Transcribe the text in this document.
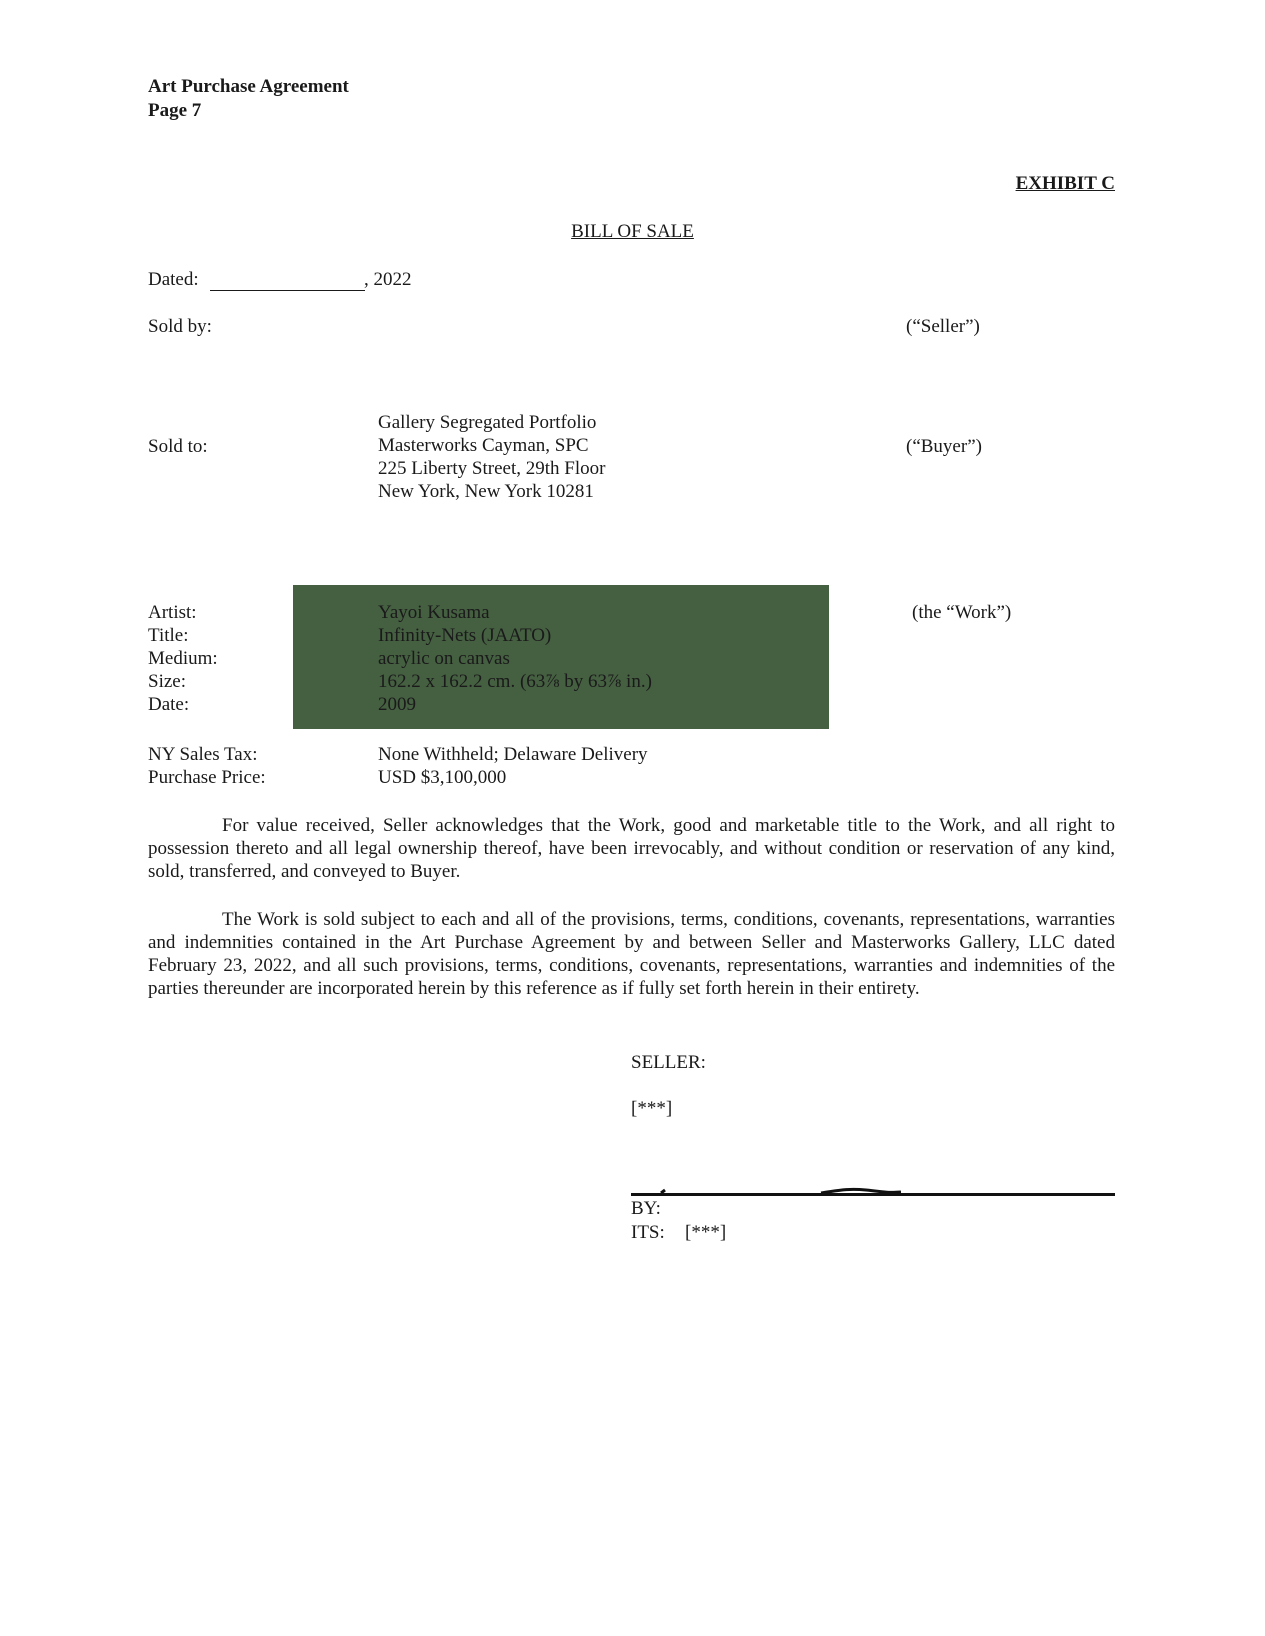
Art Purchase Agreement
Page 7
EXHIBIT C
BILL OF SALE
Dated:	, 2022
Sold by:	(“Seller”)
Sold to:
Gallery Segregated Portfolio
Masterworks Cayman, SPC
225 Liberty Street, 29th Floor
New York, New York 10281
(“Buyer”)
Artist:
Title:
Medium:
Size:
Date:
Yayoi Kusama
Infinity-Nets (JAATO)
acrylic on canvas
162.2 x 162.2 cm. (63⅞ by 63⅞ in.)
2009
(the “Work”)
NY Sales Tax:
Purchase Price:
None Withheld; Delaware Delivery
USD $3,100,000

For value received, Seller acknowledges that the Work, good and marketable title to the Work, and all right to possession thereto and all legal ownership thereof, have been irrevocably, and without condition or reservation of any kind, sold, transferred, and conveyed to Buyer.

The Work is sold subject to each and all of the provisions, terms, conditions, covenants, representations, warranties and indemnities contained in the Art Purchase Agreement by and between Seller and Masterworks Gallery, LLC dated February 23, 2022, and all such provisions, terms, conditions, covenants, representations, warranties and indemnities of the parties thereunder are incorporated herein by this reference as if fully set forth herein in their entirety.

SELLER:
[***]
BY:
ITS: [***]
